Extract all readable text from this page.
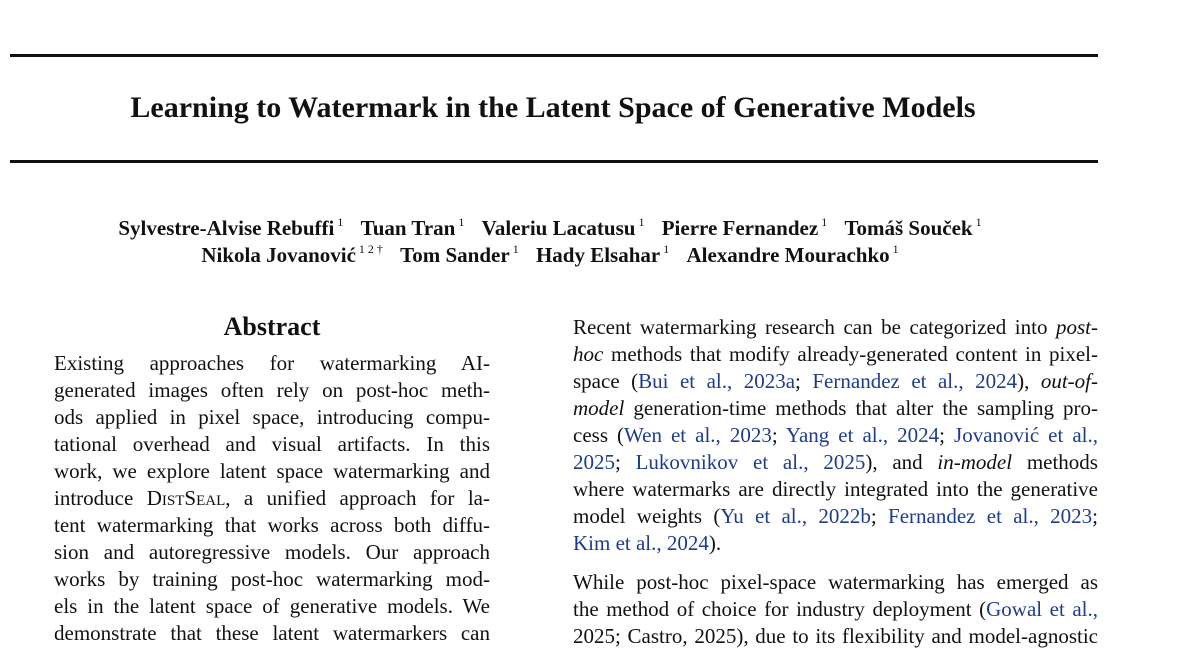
Learning to Watermark in the Latent Space of Generative Models
Sylvestre-Alvise Rebuffi $^1$ Tuan Tran $^1$ Valeriu Lacatusu $^1$ Pierre Fernandez $^1$ Tomáš Souček $^1$
Nikola Jovanović $^{1 2 \dagger}$ Tom Sander $^1$ Hady Elsahar $^1$ Alexandre Mourachko $^1$
Abstract
Existing approaches for watermarking AI-
generated images often rely on post-hoc meth-
ods applied in pixel space, introducing compu-
tational overhead and visual artifacts. In this
work, we explore latent space watermarking and
introduce DistSeal, a unified approach for la-
tent watermarking that works across both diffu-
sion and autoregressive models. Our approach
works by training post-hoc watermarking mod-
els in the latent space of generative models. We
demonstrate that these latent watermarkers can
Recent watermarking research can be categorized into post-
hoc methods that modify already-generated content in pixel-
space (Bui et al., 2023a; Fernandez et al., 2024), out-of-
model generation-time methods that alter the sampling pro-
cess (Wen et al., 2023; Yang et al., 2024; Jovanović et al.,
2025; Lukovnikov et al., 2025), and in-model methods
where watermarks are directly integrated into the generative
model weights (Yu et al., 2022b; Fernandez et al., 2023;
Kim et al., 2024).
While post-hoc pixel-space watermarking has emerged as
the method of choice for industry deployment (Gowal et al.,
2025; Castro, 2025), due to its flexibility and model-agnostic
